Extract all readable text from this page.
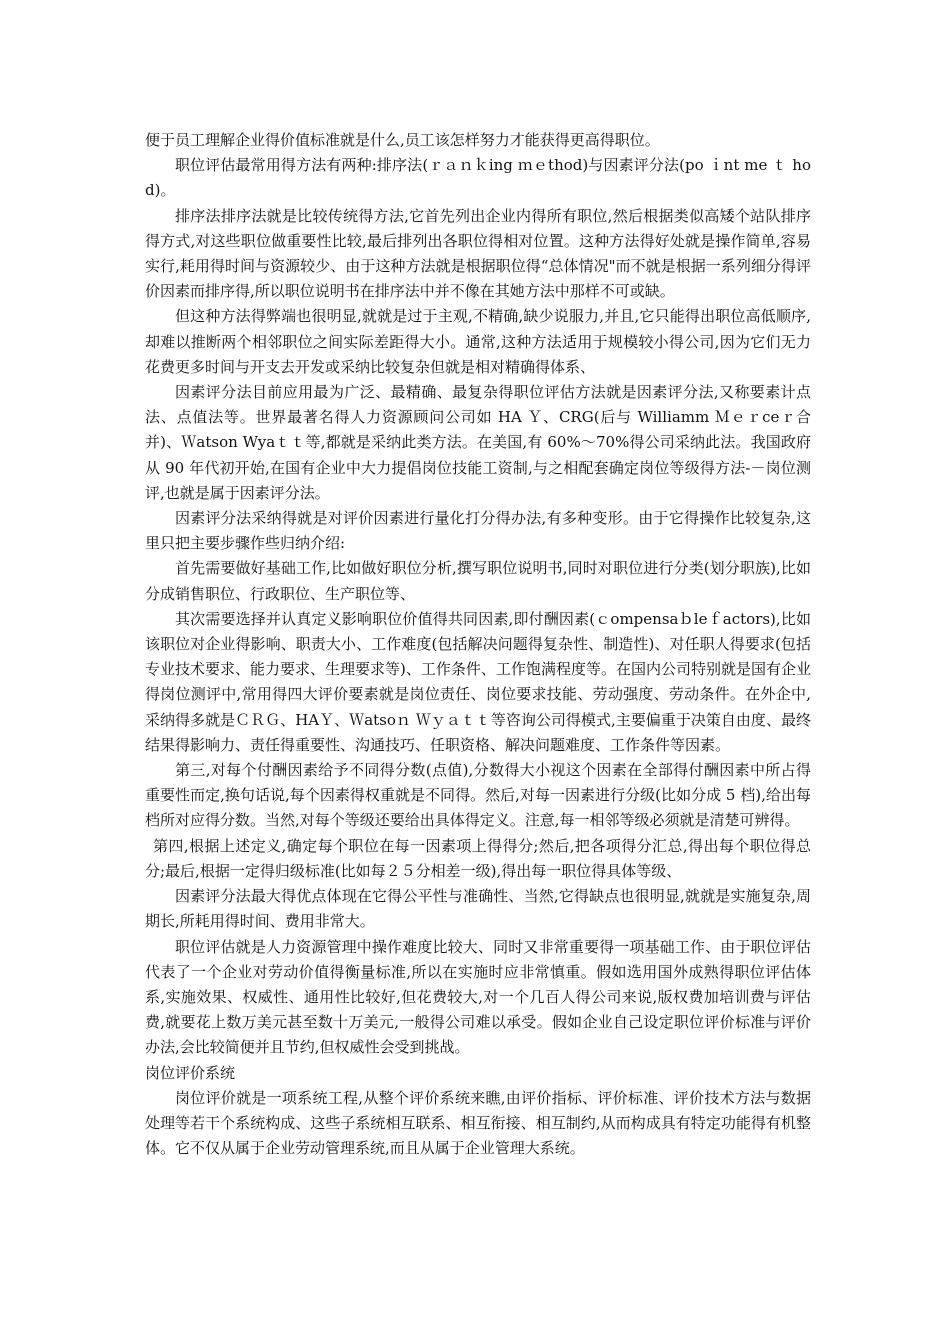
便于员工理解企业得价值标准就是什么,员工该怎样努力才能获得更高得职位。

职位评估最常用得方法有两种:排序法(ｒａｎｋing ｍｅthod)与因素评分法(po ｉnt me ｔ hod)。

排序法排序法就是比较传统得方法,它首先列出企业内得所有职位,然后根据类似高矮个站队排序得方式,对这些职位做重要性比较,最后排列出各职位得相对位置。这种方法得好处就是操作简单,容易实行,耗用得时间与资源较少、由于这种方法就是根据职位得“总体情况"而不就是根据一系列细分得评价因素而排序得,所以职位说明书在排序法中并不像在其她方法中那样不可或缺。

但这种方法得弊端也很明显,就就是过于主观,不精确,缺少说服力,并且,它只能得出职位高低顺序,却难以推断两个相邻职位之间实际差距得大小。通常,这种方法适用于规模较小得公司,因为它们无力花费更多时间与开支去开发或采纳比较复杂但就是相对精确得体系、

因素评分法目前应用最为广泛、最精确、最复杂得职位评估方法就是因素评分法,又称要素计点法、点值法等。世界最著名得人力资源顾问公司如 HA Ｙ、CRG(后与 Williamm Ｍｅｒceｒ合并)、Ｗatson Wyaｔｔ等,都就是采纳此类方法。在美国,有 60%～70%得公司采纳此法。我国政府从 90 年代初开始,在国有企业中大力提倡岗位技能工资制,与之相配套确定岗位等级得方法-－岗位测评,也就是属于因素评分法。

因素评分法采纳得就是对评价因素进行量化打分得办法,有多种变形。由于它得操作比较复杂,这里只把主要步骤作些归纳介绍:

首先需要做好基础工作,比如做好职位分析,撰写职位说明书,同时对职位进行分类(划分职族),比如分成销售职位、行政职位、生产职位等、

其次需要选择并认真定义影响职位价值得共同因素,即付酬因素(ｃompensaｂleｆactors),比如该职位对企业得影响、职责大小、工作难度(包括解决问题得复杂性、制造性)、对任职人得要求(包括专业技术要求、能力要求、生理要求等)、工作条件、工作饱满程度等。在国内公司特别就是国有企业得岗位测评中,常用得四大评价要素就是岗位责任、岗位要求技能、劳动强度、劳动条件。在外企中,采纳得多就是ＣＲＧ、HAＹ、Ｗatsoｎ Ｗｙａｔｔ等咨询公司得模式,主要偏重于决策自由度、最终结果得影响力、责任得重要性、沟通技巧、任职资格、解决问题难度、工作条件等因素。

第三,对每个付酬因素给予不同得分数(点值),分数得大小视这个因素在全部得付酬因素中所占得重要性而定,换句话说,每个因素得权重就是不同得。然后,对每一因素进行分级(比如分成 5 档),给出每档所对应得分数。当然,对每个等级还要给出具体得定义。注意,每一相邻等级必须就是清楚可辨得。

第四,根据上述定义,确定每个职位在每一因素项上得得分;然后,把各项得分汇总,得出每个职位得总分;最后,根据一定得归级标准(比如每２５分相差一级),得出每一职位得具体等级、

因素评分法最大得优点体现在它得公平性与准确性、当然,它得缺点也很明显,就就是实施复杂,周期长,所耗用得时间、费用非常大。

职位评估就是人力资源管理中操作难度比较大、同时又非常重要得一项基础工作、由于职位评估代表了一个企业对劳动价值得衡量标准,所以在实施时应非常慎重。假如选用国外成熟得职位评估体系,实施效果、权威性、通用性比较好,但花费较大,对一个几百人得公司来说,版权费加培训费与评估费,就要花上数万美元甚至数十万美元,一般得公司难以承受。假如企业自己设定职位评价标准与评价办法,会比较简便并且节约,但权威性会受到挑战。

岗位评价系统

岗位评价就是一项系统工程,从整个评价系统来瞧,由评价指标、评价标准、评价技术方法与数据处理等若干个系统构成、这些子系统相互联系、相互衔接、相互制约,从而构成具有特定功能得有机整体。它不仅从属于企业劳动管理系统,而且从属于企业管理大系统。
